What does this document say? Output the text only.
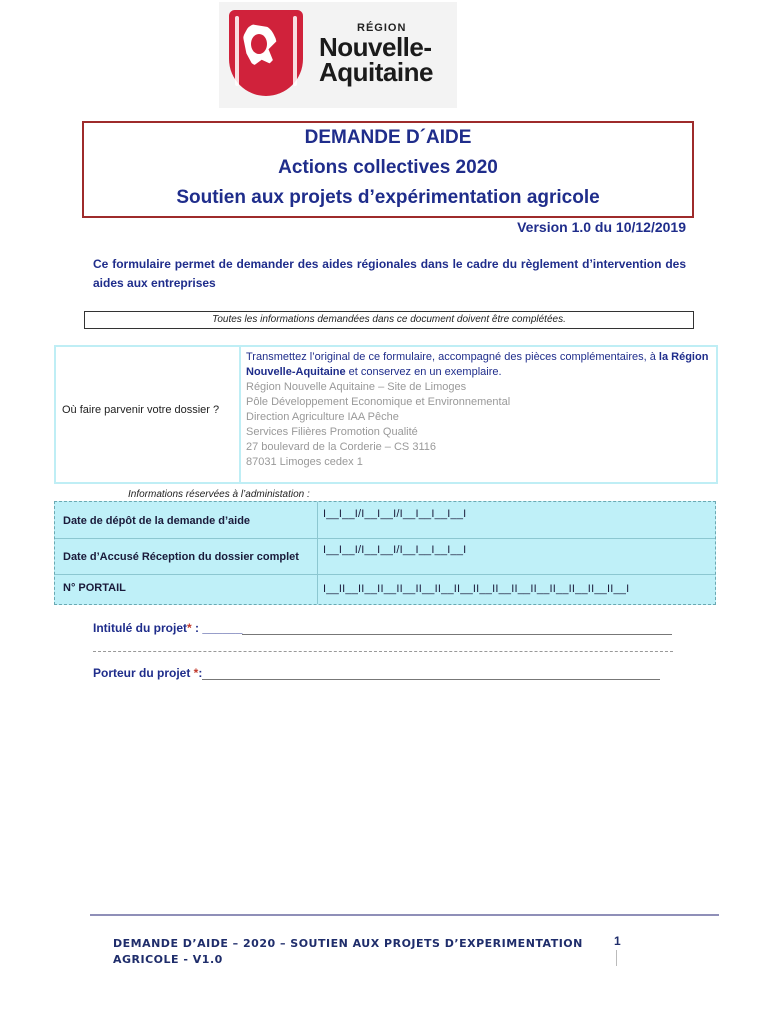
RÉGION
Nouvelle-
Aquitaine
DEMANDE D´AIDE
Actions collectives 2020
Soutien aux projets d’expérimentation agricole
Version 1.0 du 10/12/2019
Ce formulaire permet de demander des aides régionales dans le cadre du règlement d’intervention des aides aux entreprises
Toutes les informations demandées dans ce document doivent être complétées.
Où faire parvenir votre dossier ?
Transmettez l’original de ce formulaire, accompagné des pièces complémentaires, à la Région Nouvelle-Aquitaine et conservez en un exemplaire.
Région Nouvelle Aquitaine – Site de Limoges
Pôle Développement Economique et Environnemental
Direction Agriculture IAA Pêche
Services Filières Promotion Qualité
27 boulevard de la Corderie – CS 3116
87031 Limoges cedex 1
Informations réservées à l’administation :
Date de dépôt de la demande d’aide
I__I__I/I__I__I/I__I__I__I__I
Date d’Accusé Réception du dossier complet
I__I__I/I__I__I/I__I__I__I__I
N° PORTAIL	I__II__II__II__II__II__II__II__II__II__II__II__II__II__II__II__I
Intitulé du projet* : ______
Porteur du projet *:
DEMANDE D’AIDE – 2020 – SOUTIEN AUX PROJETS D’EXPERIMENTATION AGRICOLE - V1.0
1
